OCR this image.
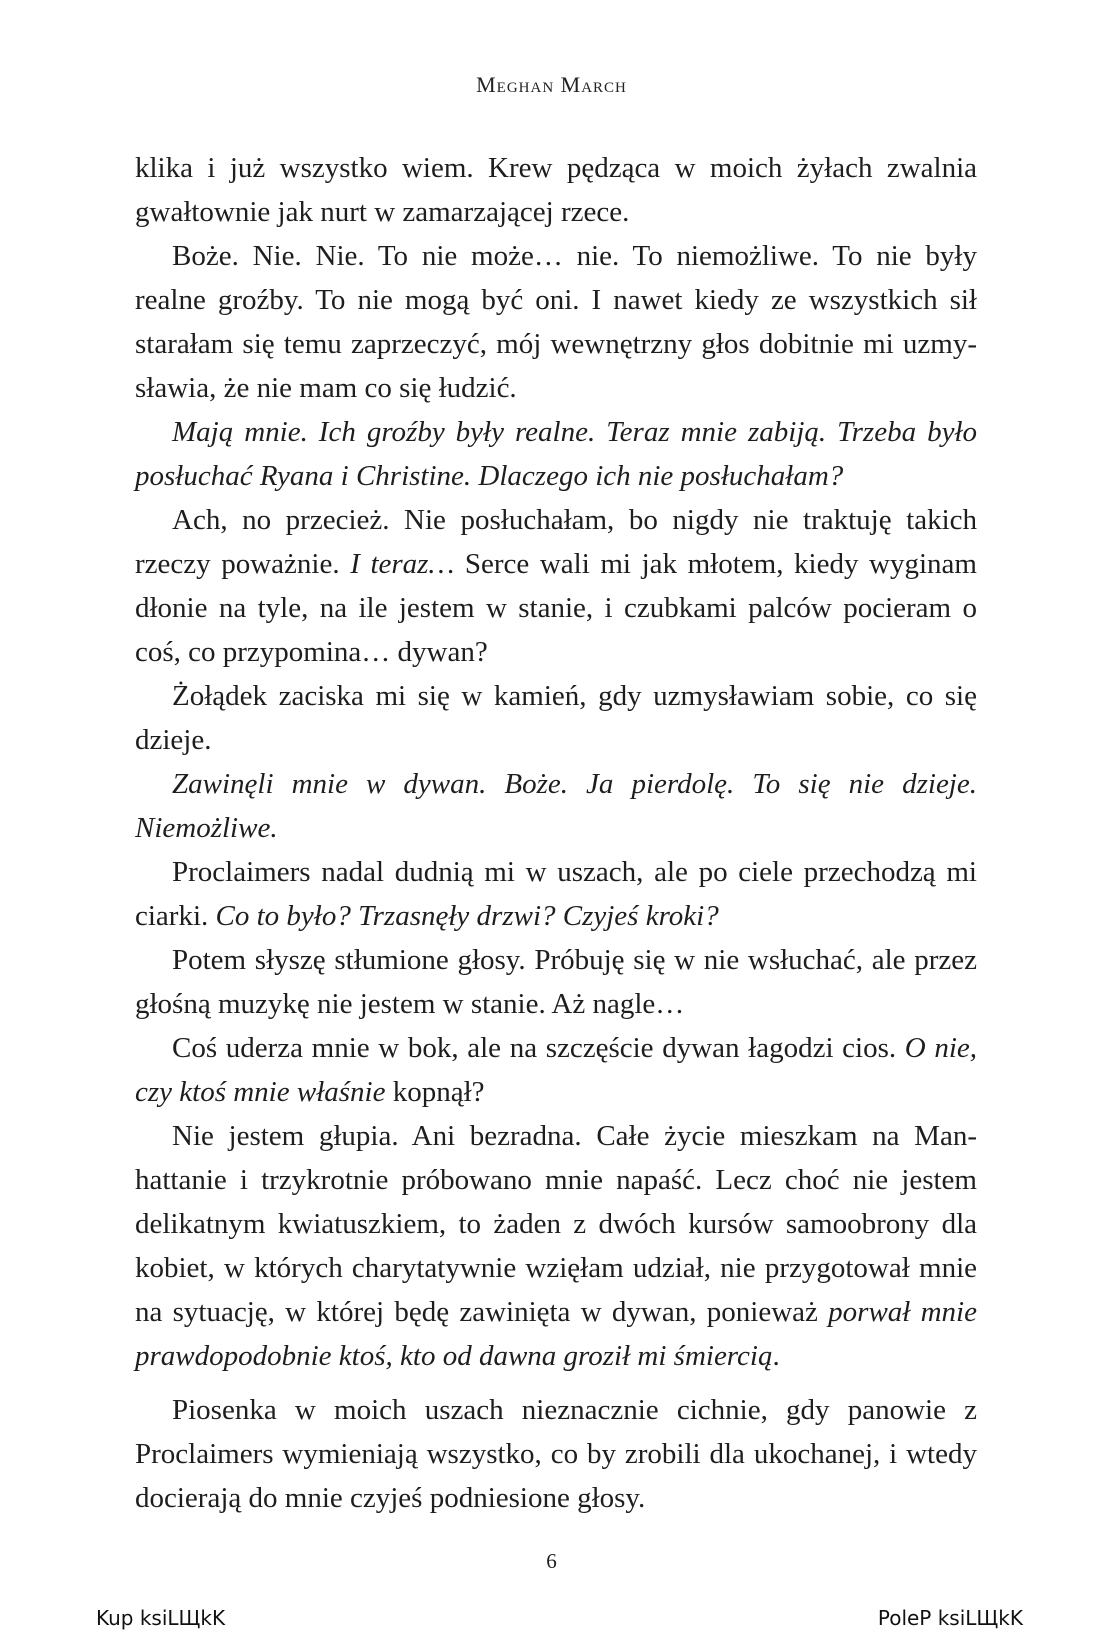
Meghan March

klika i już wszystko wiem. Krew pędząca w moich żyłach zwalnia gwałtownie jak nurt w zamarzającej rzece.

Boże. Nie. Nie. To nie może… nie. To niemożliwe. To nie były realne groźby. To nie mogą być oni. I nawet kiedy ze wszystkich sił starałam się temu zaprzeczyć, mój wewnętrzny głos dobitnie mi uzmysławia, że nie mam co się łudzić.

Mają mnie. Ich groźby były realne. Teraz mnie zabiją. Trzeba było posłuchać Ryana i Christine. Dlaczego ich nie posłuchałam?

Ach, no przecież. Nie posłuchałam, bo nigdy nie traktuję takich rzeczy poważnie. I teraz… Serce wali mi jak młotem, kiedy wyginam dłonie na tyle, na ile jestem w stanie, i czubkami palców pocieram o coś, co przypomina… dywan?

Żołądek zaciska mi się w kamień, gdy uzmysławiam sobie, co się dzieje.

Zawinęli mnie w dywan. Boże. Ja pierdolę. To się nie dzieje. Niemożliwe.

Proclaimers nadal dudnią mi w uszach, ale po ciele przechodzą mi ciarki. Co to było? Trzasnęły drzwi? Czyjeś kroki?

Potem słyszę stłumione głosy. Próbuję się w nie wsłuchać, ale przez głośną muzykę nie jestem w stanie. Aż nagle…

Coś uderza mnie w bok, ale na szczęście dywan łagodzi cios. O nie, czy ktoś mnie właśnie kopnął?

Nie jestem głupia. Ani bezradna. Całe życie mieszkam na Manhattanie i trzykrotnie próbowano mnie napaść. Lecz choć nie jestem delikatnym kwiatuszkiem, to żaden z dwóch kursów samoobrony dla kobiet, w których charytatywnie wzięłam udział, nie przygotował mnie na sytuację, w której będę zawinięta w dywan, ponieważ porwał mnie prawdopodobnie ktoś, kto od dawna groził mi śmiercią.

Piosenka w moich uszach nieznacznie cichnie, gdy panowie z Proclaimers wymieniają wszystko, co by zrobili dla ukochanej, i wtedy docierają do mnie czyjeś podniesione głosy.

6
Kup ksiLЩkK	PoleP ksiLЩkK
